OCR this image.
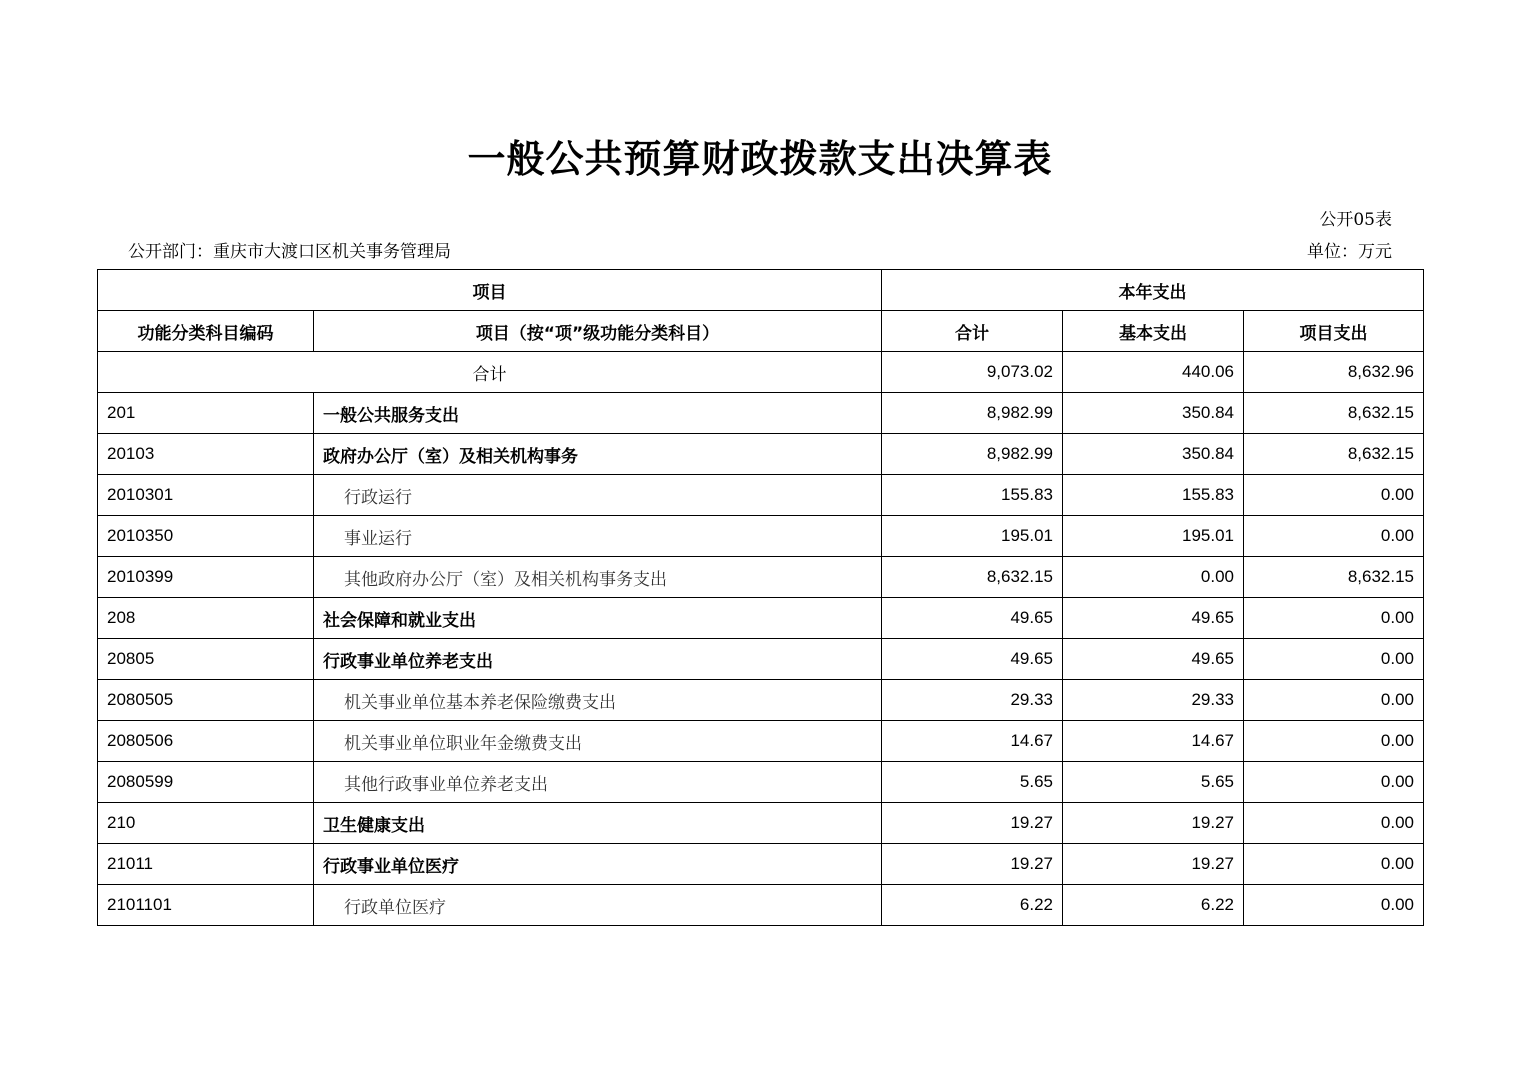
一般公共预算财政拨款支出决算表
公开05表
公开部门：重庆市大渡口区机关事务管理局	单位：万元
项目		本年支出		
功能分类科目编码	项目（按“项”级功能分类科目）	合计	基本支出	项目支出
合计		9,073.02	440.06	8,632.96
201	一般公共服务支出	8,982.99	350.84	8,632.15
20103	政府办公厅（室）及相关机构事务	8,982.99	350.84	8,632.15
2010301	行政运行	155.83	155.83	0.00
2010350	事业运行	195.01	195.01	0.00
2010399	其他政府办公厅（室）及相关机构事务支出	8,632.15	0.00	8,632.15
208	社会保障和就业支出	49.65	49.65	0.00
20805	行政事业单位养老支出	49.65	49.65	0.00
2080505	机关事业单位基本养老保险缴费支出	29.33	29.33	0.00
2080506	机关事业单位职业年金缴费支出	14.67	14.67	0.00
2080599	其他行政事业单位养老支出	5.65	5.65	0.00
210	卫生健康支出	19.27	19.27	0.00
21011	行政事业单位医疗	19.27	19.27	0.00
2101101	行政单位医疗	6.22	6.22	0.00
